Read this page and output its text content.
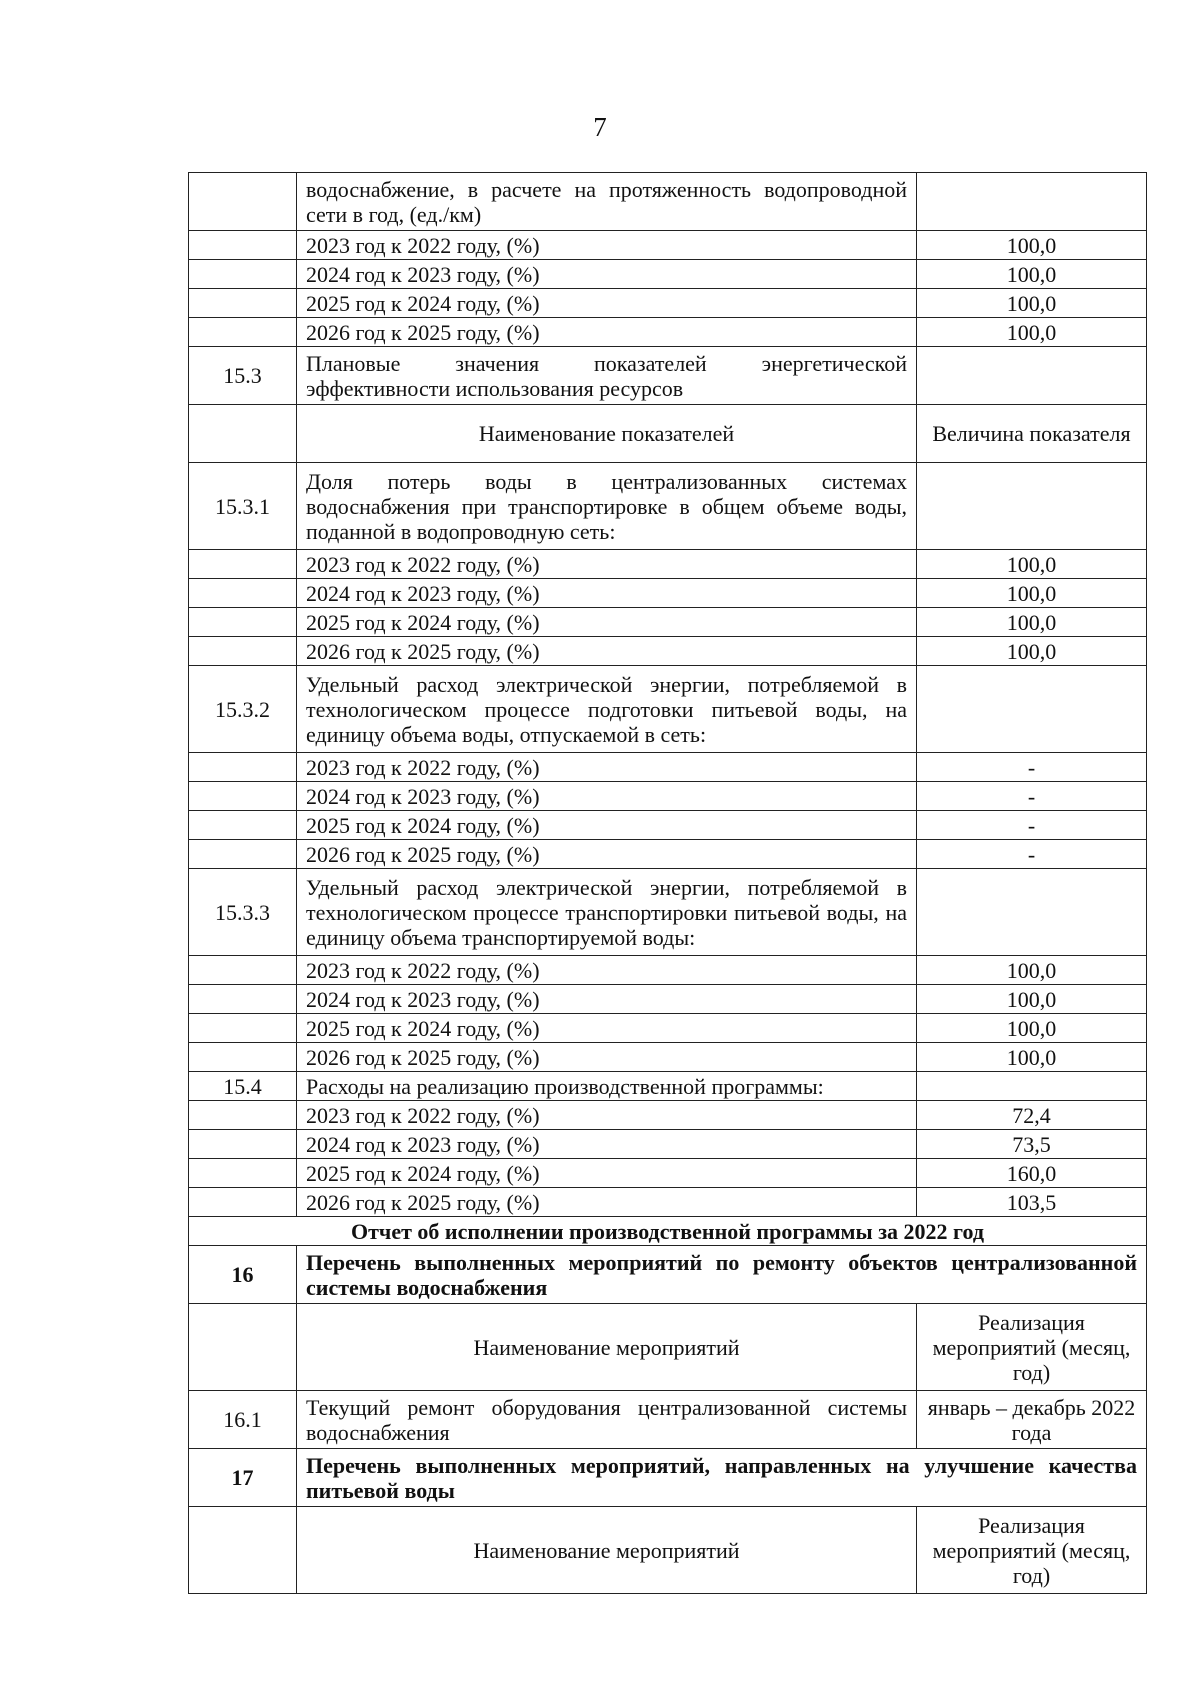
7
	водоснабжение, в расчете на протяженность водопроводной сети в год, (ед./км)	
	2023 год к 2022 году, (%)	100,0
	2024 год к 2023 году, (%)	100,0
	2025 год к 2024 году, (%)	100,0
	2026 год к 2025 году, (%)	100,0
15.3	Плановые значения показателей энергетической эффективности использования ресурсов	
	Наименование показателей	Величина показателя
15.3.1	Доля потерь воды в централизованных системах водоснабжения при транспортировке в общем объеме воды, поданной в водопроводную сеть:	
	2023 год к 2022 году, (%)	100,0
	2024 год к 2023 году, (%)	100,0
	2025 год к 2024 году, (%)	100,0
	2026 год к 2025 году, (%)	100,0
15.3.2	Удельный расход электрической энергии, потребляемой в технологическом процессе подготовки питьевой воды, на единицу объема воды, отпускаемой в сеть:	
	2023 год к 2022 году, (%)	-
	2024 год к 2023 году, (%)	-
	2025 год к 2024 году, (%)	-
	2026 год к 2025 году, (%)	-
15.3.3	Удельный расход электрической энергии, потребляемой в технологическом процессе транспортировки питьевой воды, на единицу объема транспортируемой воды:	
	2023 год к 2022 году, (%)	100,0
	2024 год к 2023 году, (%)	100,0
	2025 год к 2024 году, (%)	100,0
	2026 год к 2025 году, (%)	100,0
15.4	Расходы на реализацию производственной программы:	
	2023 год к 2022 году, (%)	72,4
	2024 год к 2023 году, (%)	73,5
	2025 год к 2024 году, (%)	160,0
	2026 год к 2025 году, (%)	103,5
Отчет об исполнении производственной программы за 2022 год		
16	Перечень выполненных мероприятий по ремонту объектов централизованной системы водоснабжения	
	Наименование мероприятий	Реализация мероприятий (месяц, год)
16.1	Текущий ремонт оборудования централизованной системы водоснабжения	январь – декабрь 2022 года
17	Перечень выполненных мероприятий, направленных на улучшение качества питьевой воды	
	Наименование мероприятий	Реализация мероприятий (месяц, год)
